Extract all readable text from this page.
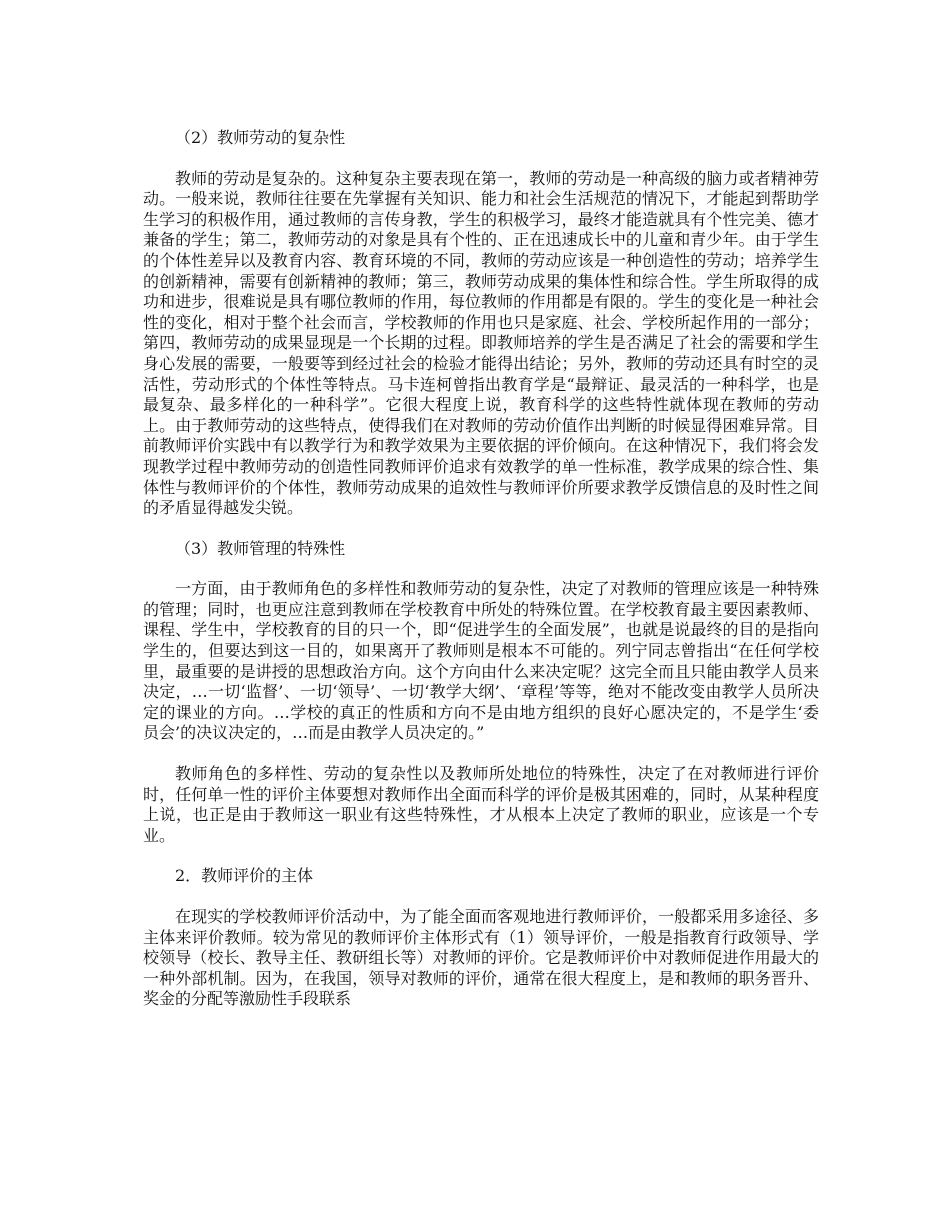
（2）教师劳动的复杂性

教师的劳动是复杂的。这种复杂主要表现在第一，教师的劳动是一种高级的脑力或者精神劳动。一般来说，教师往往要在先掌握有关知识、能力和社会生活规范的情况下，才能起到帮助学生学习的积极作用，通过教师的言传身教，学生的积极学习，最终才能造就具有个性完美、德才兼备的学生；第二，教师劳动的对象是具有个性的、正在迅速成长中的儿童和青少年。由于学生的个体性差异以及教育内容、教育环境的不同，教师的劳动应该是一种创造性的劳动；培养学生的创新精神，需要有创新精神的教师；第三，教师劳动成果的集体性和综合性。学生所取得的成功和进步，很难说是具有哪位教师的作用，每位教师的作用都是有限的。学生的变化是一种社会性的变化，相对于整个社会而言，学校教师的作用也只是家庭、社会、学校所起作用的一部分；第四，教师劳动的成果显现是一个长期的过程。即教师培养的学生是否满足了社会的需要和学生身心发展的需要，一般要等到经过社会的检验才能得出结论；另外，教师的劳动还具有时空的灵活性，劳动形式的个体性等特点。马卡连柯曾指出教育学是“最辩证、最灵活的一种科学，也是最复杂、最多样化的一种科学”。它很大程度上说，教育科学的这些特性就体现在教师的劳动上。由于教师劳动的这些特点，使得我们在对教师的劳动价值作出判断的时候显得困难异常。目前教师评价实践中有以教学行为和教学效果为主要依据的评价倾向。在这种情况下，我们将会发现教学过程中教师劳动的创造性同教师评价追求有效教学的单一性标准，教学成果的综合性、集体性与教师评价的个体性，教师劳动成果的追效性与教师评价所要求教学反馈信息的及时性之间的矛盾显得越发尖锐。

（3）教师管理的特殊性

一方面，由于教师角色的多样性和教师劳动的复杂性，决定了对教师的管理应该是一种特殊的管理；同时，也更应注意到教师在学校教育中所处的特殊位置。在学校教育最主要因素教师、课程、学生中，学校教育的目的只一个，即“促进学生的全面发展”，也就是说最终的目的是指向学生的，但要达到这一目的，如果离开了教师则是根本不可能的。列宁同志曾指出“在任何学校里，最重要的是讲授的思想政治方向。这个方向由什么来决定呢？这完全而且只能由教学人员来决定，…一切‘监督’、一切‘领导’、一切‘教学大纲’、‘章程’等等，绝对不能改变由教学人员所决定的课业的方向。…学校的真正的性质和方向不是由地方组织的良好心愿决定的，不是学生‘委员会’的决议决定的，…而是由教学人员决定的。”

教师角色的多样性、劳动的复杂性以及教师所处地位的特殊性，决定了在对教师进行评价时，任何单一性的评价主体要想对教师作出全面而科学的评价是极其困难的，同时，从某种程度上说，也正是由于教师这一职业有这些特殊性，才从根本上决定了教师的职业，应该是一个专业。

2．教师评价的主体

在现实的学校教师评价活动中，为了能全面而客观地进行教师评价，一般都采用多途径、多主体来评价教师。较为常见的教师评价主体形式有（1）领导评价，一般是指教育行政领导、学校领导（校长、教导主任、教研组长等）对教师的评价。它是教师评价中对教师促进作用最大的一种外部机制。因为，在我国，领导对教师的评价，通常在很大程度上，是和教师的职务晋升、奖金的分配等激励性手段联系
